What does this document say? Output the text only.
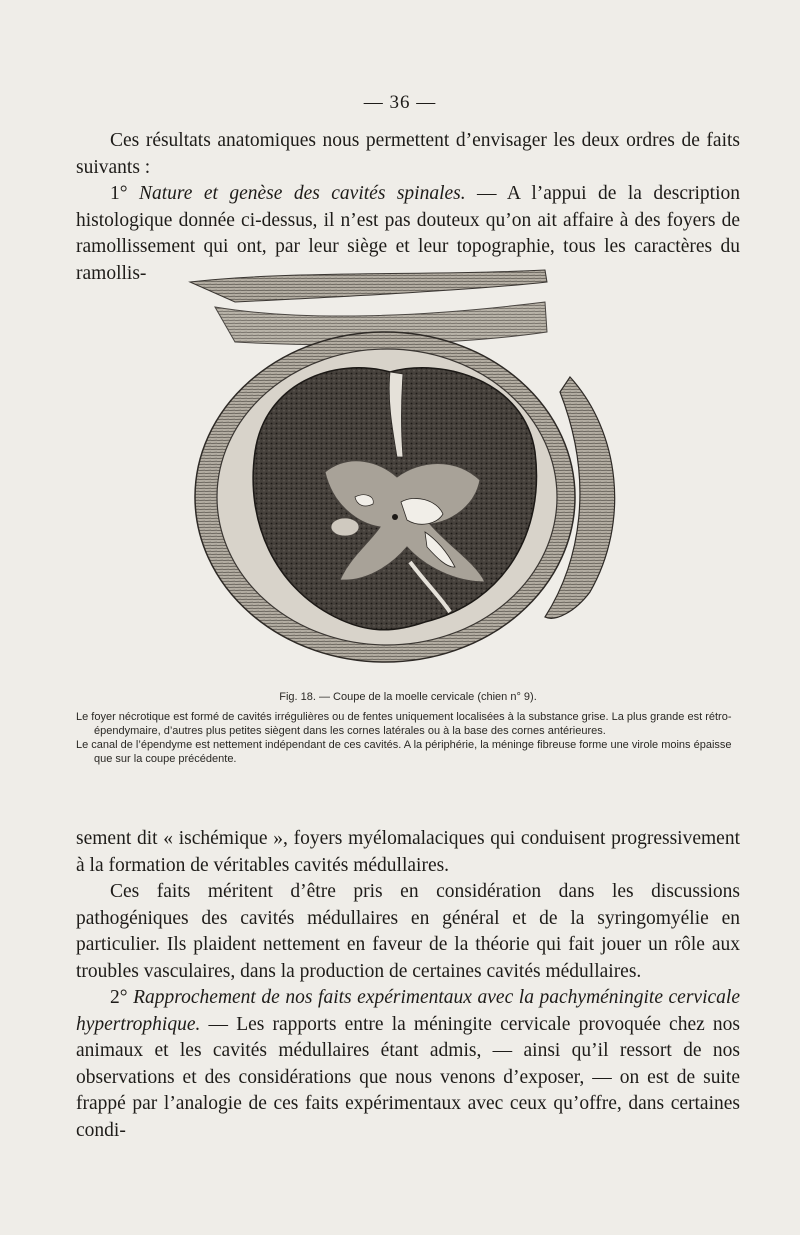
— 36 —

Ces résultats anatomiques nous permettent d’envisager les deux ordres de faits suivants :

1° Nature et genèse des cavités spinales. — A l’appui de la description histologique donnée ci-dessus, il n’est pas douteux qu’on ait affaire à des foyers de ramollissement qui ont, par leur siège et leur topographie, tous les caractères du ramollis-

Fig. 18. — Coupe de la moelle cervicale (chien n° 9).

Le foyer nécrotique est formé de cavités irrégulières ou de fentes uniquement localisées à la substance grise. La plus grande est rétro-épendymaire, d’autres plus petites siègent dans les cornes latérales ou à la base des cornes antérieures.

Le canal de l’épendyme est nettement indépendant de ces cavités. A la périphérie, la méninge fibreuse forme une virole moins épaisse que sur la coupe précédente.

sement dit « ischémique », foyers myélomalaciques qui conduisent progressivement à la formation de véritables cavités médullaires.

Ces faits méritent d’être pris en considération dans les discussions pathogéniques des cavités médullaires en général et de la syringomyélie en particulier. Ils plaident nettement en faveur de la théorie qui fait jouer un rôle aux troubles vasculaires, dans la production de certaines cavités médullaires.

2° Rapprochement de nos faits expérimentaux avec la pachyméningite cervicale hypertrophique. — Les rapports entre la méningite cervicale provoquée chez nos animaux et les cavités médullaires étant admis, — ainsi qu’il ressort de nos observations et des considérations que nous venons d’exposer, — on est de suite frappé par l’analogie de ces faits expérimentaux avec ceux qu’offre, dans certaines condi-
